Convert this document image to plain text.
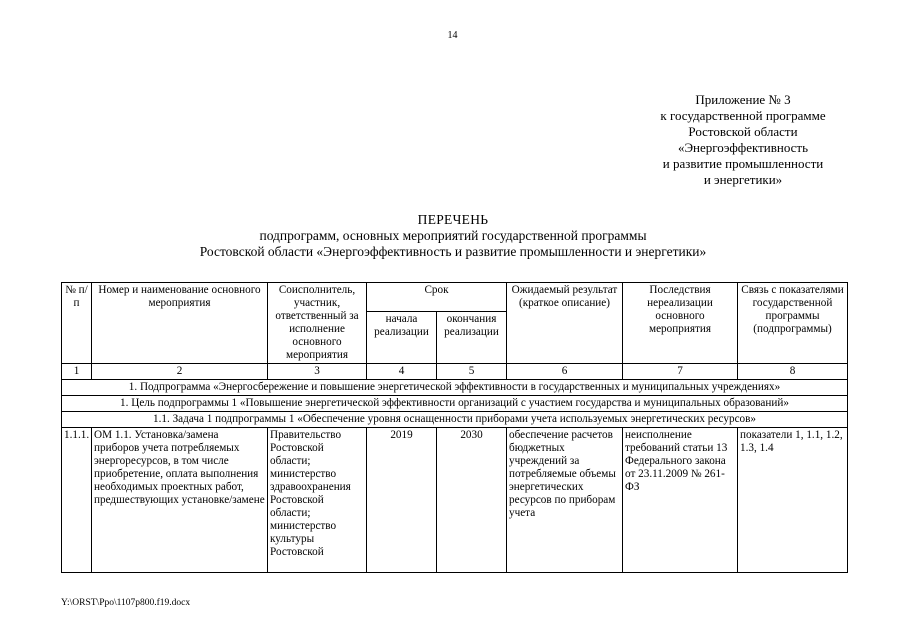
14
Приложение № 3
к государственной программе
Ростовской области
«Энергоэффективность
и развитие промышленности
и энергетики»
ПЕРЕЧЕНЬ
подпрограмм, основных мероприятий государственной программы
Ростовской области «Энергоэффективность и развитие промышленности и энергетики»
№ п/п	Номер и наименование основного мероприятия	Соисполнитель, участник, ответственный за исполнение основного мероприятия	Срок		Ожидаемый результат (краткое описание)	Последствия нереализации основного мероприятия	Связь с показателями государственной программы (подпрограммы)
			начала реализации	окончания реализации			
1	2	3	4	5	6	7	8
1. Подпрограмма «Энергосбережение и повышение энергетической эффективности в государственных и муниципальных учреждениях»							
1. Цель подпрограммы 1 «Повышение энергетической эффективности организаций с участием государства и муниципальных образований»							
1.1. Задача 1 подпрограммы 1 «Обеспечение уровня оснащенности приборами учета используемых энергетических ресурсов»							
1.1.1.	ОМ 1.1. Установка/замена приборов учета потребляемых энергоресурсов, в том числе приобретение, оплата выполнения необходимых проектных работ, предшествующих установке/замене	Правительство Ростовской области; министерство здравоохранения Ростовской области; министерство культуры Ростовской	2019	2030	обеспечение расчетов бюджетных учреждений за потребляемые объемы энергетических ресурсов по приборам учета	неисполнение требований статьи 13 Федерального закона от 23.11.2009 № 261-ФЗ	показатели 1, 1.1, 1.2, 1.3, 1.4
Y:\ORST\Ppo\1107p800.f19.docx
